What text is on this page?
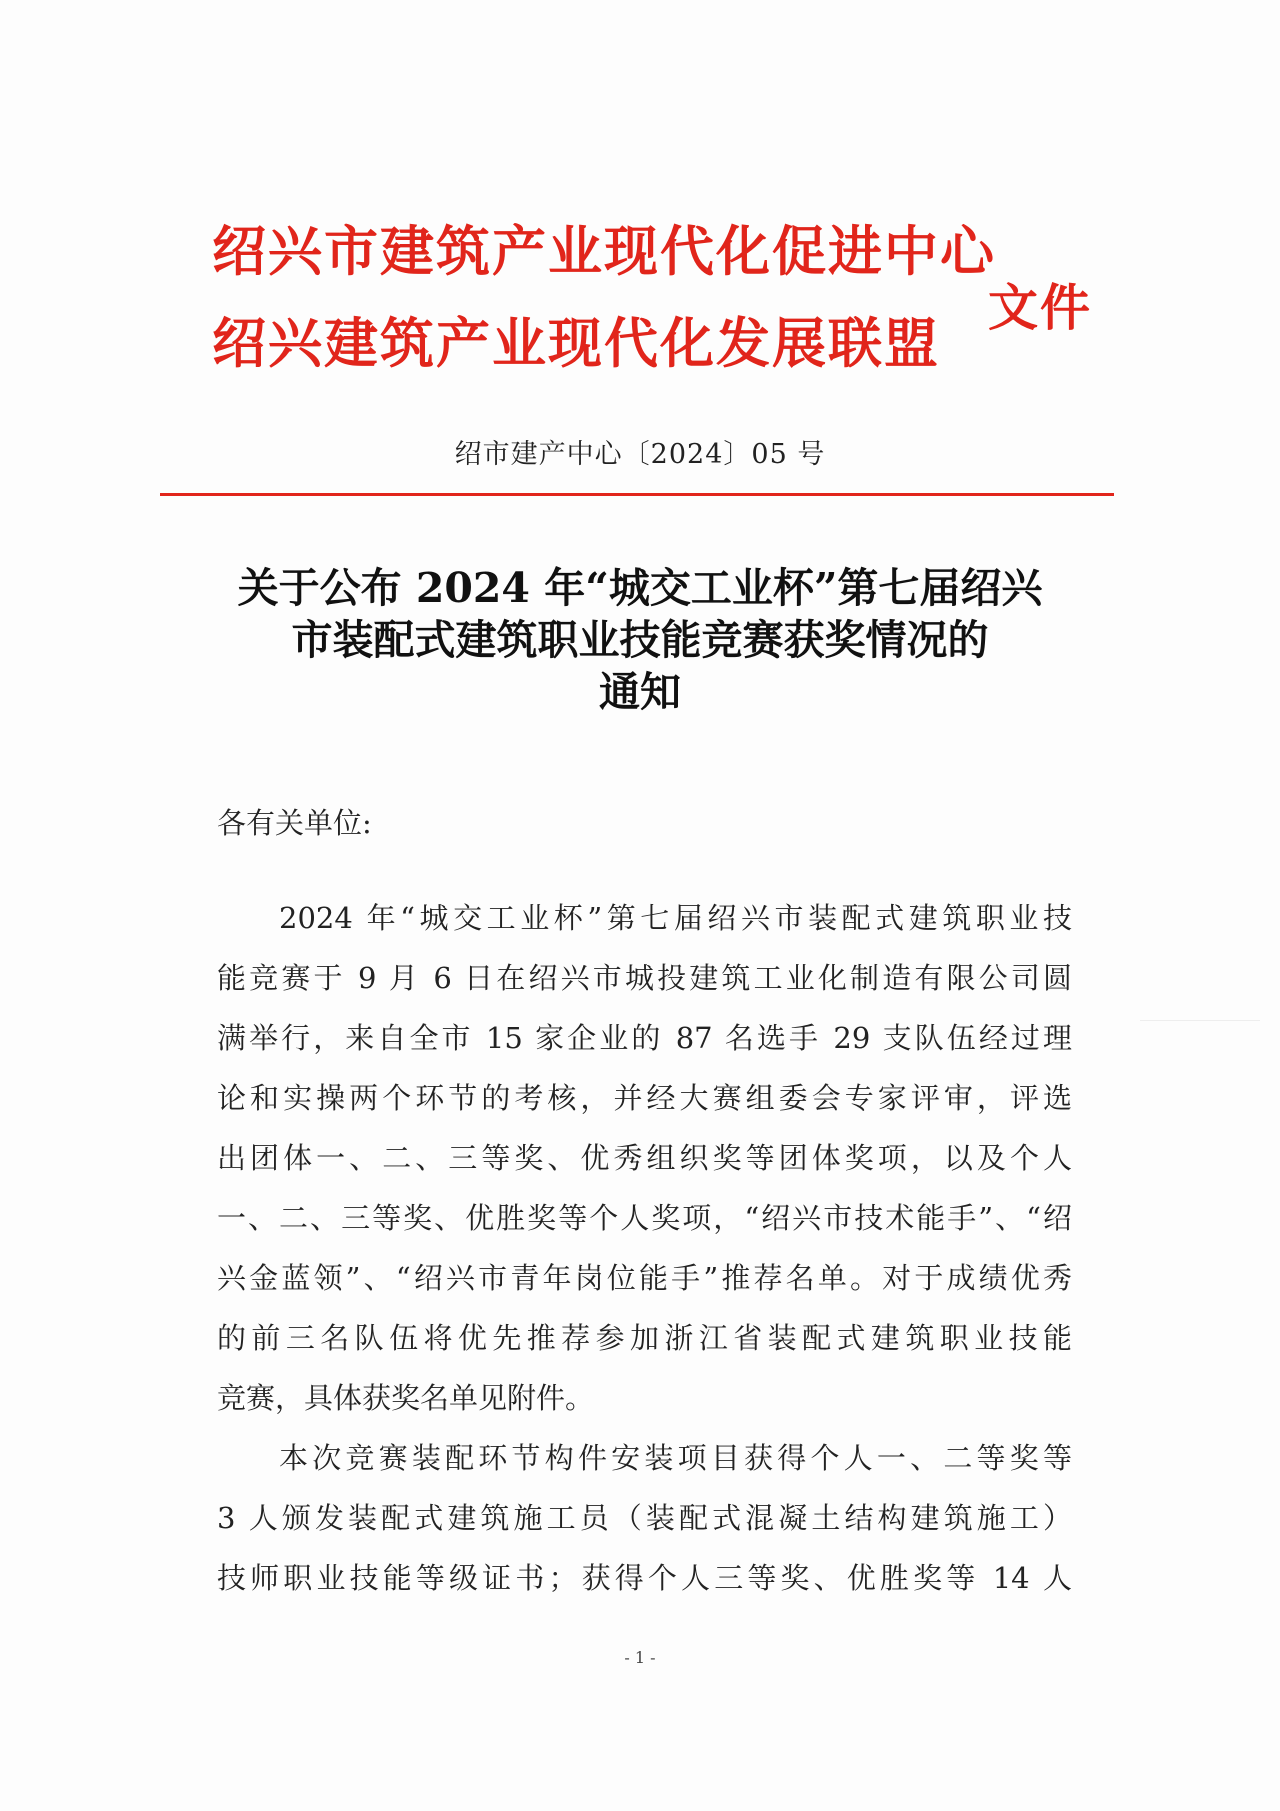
绍兴市建筑产业现代化促进中心
绍兴建筑产业现代化发展联盟
文件
绍市建产中心〔2024〕05 号
关于公布 2024 年“城交工业杯”第七届绍兴
市装配式建筑职业技能竞赛获奖情况的
通知
各有关单位:
2024 年“城交工业杯”第七届绍兴市装配式建筑职业技
能竞赛于 9 月 6 日在绍兴市城投建筑工业化制造有限公司圆
满举行，来自全市 15 家企业的 87 名选手 29 支队伍经过理
论和实操两个环节的考核，并经大赛组委会专家评审，评选
出团体一、二、三等奖、优秀组织奖等团体奖项，以及个人
一、二、三等奖、优胜奖等个人奖项，“绍兴市技术能手”、“绍
兴金蓝领”、“绍兴市青年岗位能手”推荐名单。对于成绩优秀
的前三名队伍将优先推荐参加浙江省装配式建筑职业技能
竞赛，具体获奖名单见附件。
本次竞赛装配环节构件安装项目获得个人一、二等奖等
3 人颁发装配式建筑施工员（装配式混凝土结构建筑施工）
技师职业技能等级证书；获得个人三等奖、优胜奖等 14 人
- 1 -
